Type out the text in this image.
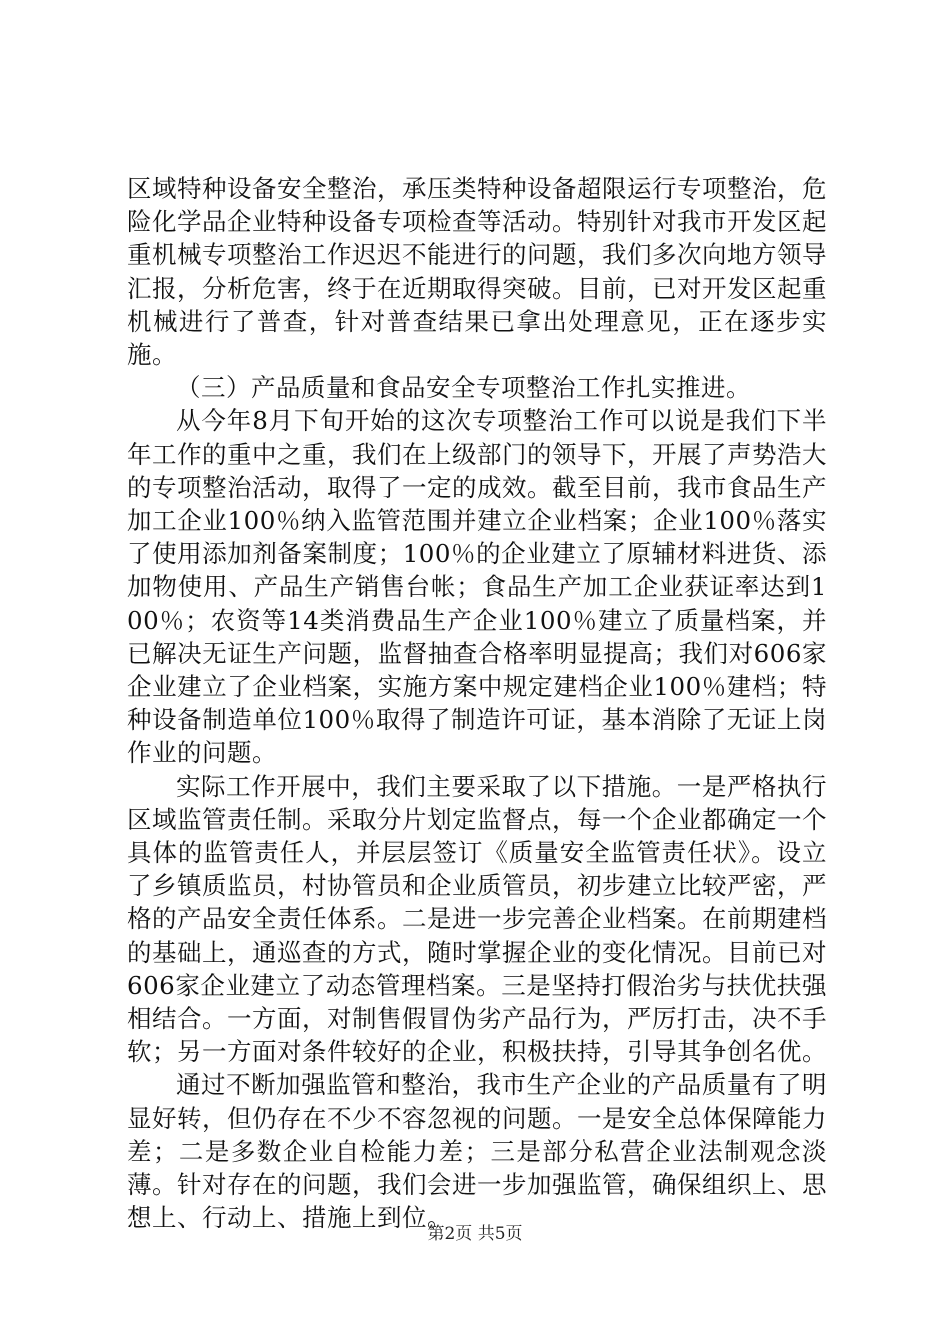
区域特种设备安全整治，承压类特种设备超限运行专项整治，危险化学品企业特种设备专项检查等活动。特别针对我市开发区起重机械专项整治工作迟迟不能进行的问题，我们多次向地方领导汇报，分析危害，终于在近期取得突破。目前，已对开发区起重机械进行了普查，针对普查结果已拿出处理意见，正在逐步实施。

（三）产品质量和食品安全专项整治工作扎实推进。

从今年8月下旬开始的这次专项整治工作可以说是我们下半年工作的重中之重，我们在上级部门的领导下，开展了声势浩大的专项整治活动，取得了一定的成效。截至目前，我市食品生产加工企业100％纳入监管范围并建立企业档案；企业100％落实了使用添加剂备案制度；100％的企业建立了原辅材料进货、添加物使用、产品生产销售台帐；食品生产加工企业获证率达到100％；农资等14类消费品生产企业100％建立了质量档案，并已解决无证生产问题，监督抽查合格率明显提高；我们对606家企业建立了企业档案，实施方案中规定建档企业100％建档；特种设备制造单位100％取得了制造许可证，基本消除了无证上岗作业的问题。

实际工作开展中，我们主要采取了以下措施。一是严格执行区域监管责任制。采取分片划定监督点，每一个企业都确定一个具体的监管责任人，并层层签订《质量安全监管责任状》。设立了乡镇质监员，村协管员和企业质管员，初步建立比较严密，严格的产品安全责任体系。二是进一步完善企业档案。在前期建档的基础上，通巡查的方式，随时掌握企业的变化情况。目前已对606家企业建立了动态管理档案。三是坚持打假治劣与扶优扶强相结合。一方面，对制售假冒伪劣产品行为，严厉打击，决不手软；另一方面对条件较好的企业，积极扶持，引导其争创名优。

通过不断加强监管和整治，我市生产企业的产品质量有了明显好转，但仍存在不少不容忽视的问题。一是安全总体保障能力差；二是多数企业自检能力差；三是部分私营企业法制观念淡薄。针对存在的问题，我们会进一步加强监管，确保组织上、思想上、行动上、措施上到位。

第2页 共5页
